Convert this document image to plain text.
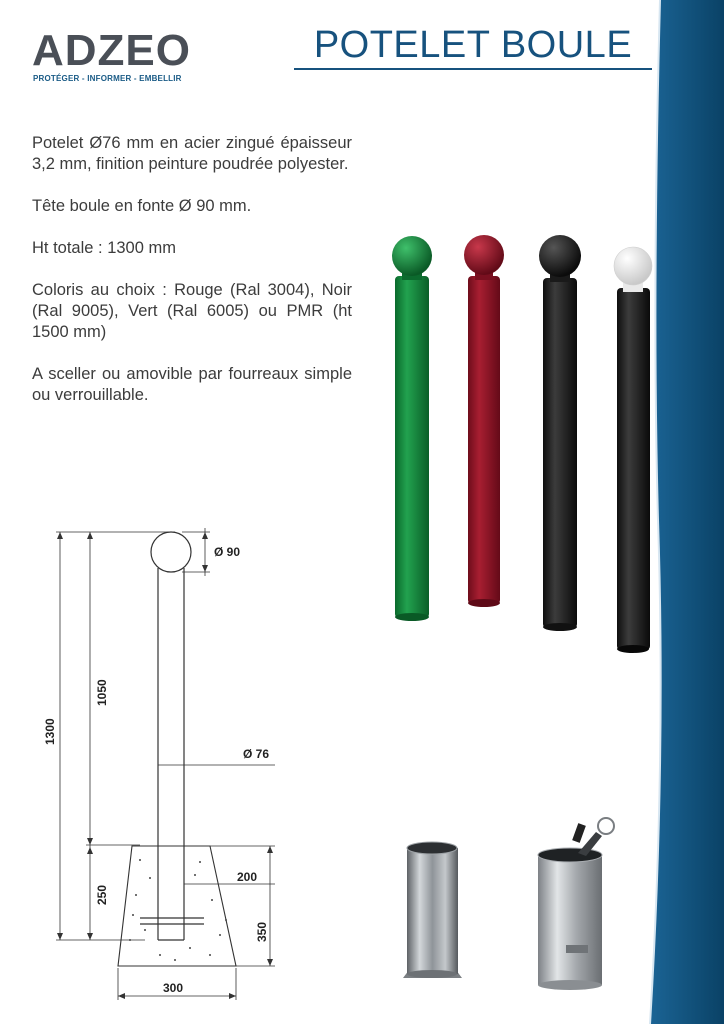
ADZEO
PROTÉGER - INFORMER - EMBELLIR
POTELET BOULE

Potelet Ø76 mm en acier zingué épaisseur 3,2 mm, finition peinture poudrée polyester.

Tête boule en fonte Ø 90 mm.

Ht totale : 1300 mm

Coloris au choix : Rouge (Ral 3004), Noir (Ral 9005), Vert (Ral 6005) ou PMR (ht 1500 mm)

A sceller ou amovible par fourreaux simple ou verrouillable.

Ø 90
Ø 76
200
300
1300
1050
250
350
